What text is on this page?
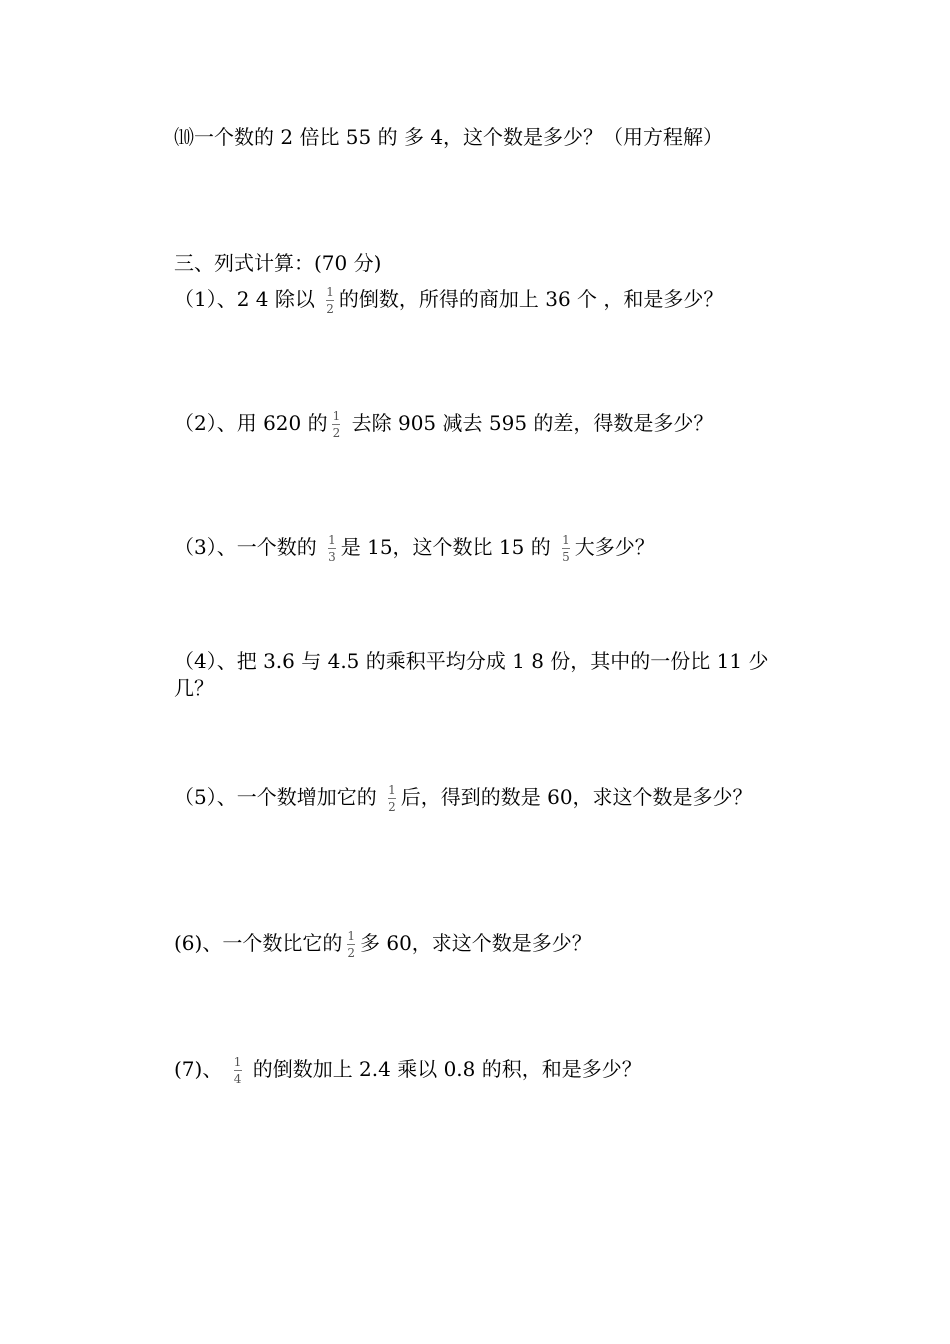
⑽一个数的 2 倍比 55 的 多 4，这个数是多少？（用方程解）
三、列式计算：(70 分)
（1）、2 4 除以 $\frac{1}{2}$ 的倒数，所得的商加上 36 个 ，和是多少？
（2）、用 620 的 $\frac{1}{2}$ 去除 905 减去 595 的差，得数是多少？
（3）、一个数的 $\frac{1}{3}$ 是 15，这个数比 15 的 $\frac{1}{5}$ 大多少？
（4）、把 3.6 与 4.5 的乘积平均分成 1 8 份，其中的一份比 11 少
几？
（5）、一个数增加它的 $\frac{1}{2}$ 后，得到的数是 60，求这个数是多少？
(6)、一个数比它的 $\frac{1}{2}$ 多 60，求这个数是多少？
(7)、 $\frac{1}{4}$ 的倒数加上 2.4 乘以 0.8 的积，和是多少？
